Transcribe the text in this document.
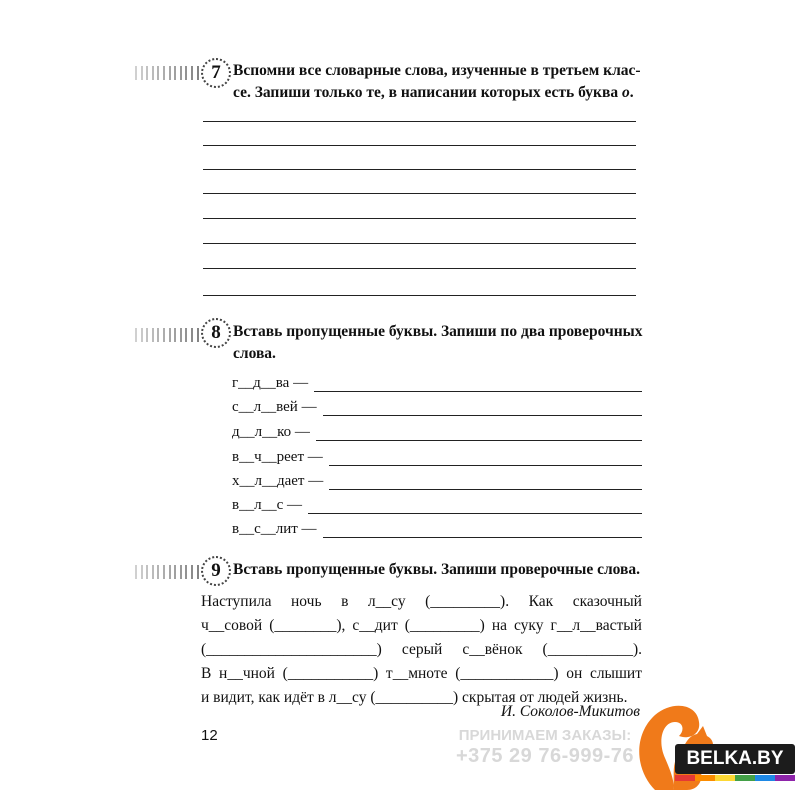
7 Вспомни все словарные слова, изученные в третьем клас-
се. Запиши только те, в написании которых есть буква о.
8 Вставь пропущенные буквы. Запиши по два проверочных
слова.
г__д__ва —
с__л__вей —
д__л__ко —
в__ч__реет —
х__л__дает —
в__л__с —
в__с__лит —
9 Вставь пропущенные буквы. Запиши проверочные слова.
Наступила ночь в л__су (_________). Как сказочный
ч__совой (________), с__дит (_________) на суку г__л__вастый
(______________________) серый с__вёнок (___________).
В н__чной (___________) т__мноте (____________) он слышит
и видит, как идёт в л__су (__________) скрытая от людей жизнь.
И. Соколов-Микитов
12	ПРИНИМАЕМ ЗАКАЗЫ:
+375 29 76-999-76	BELKA.BY
